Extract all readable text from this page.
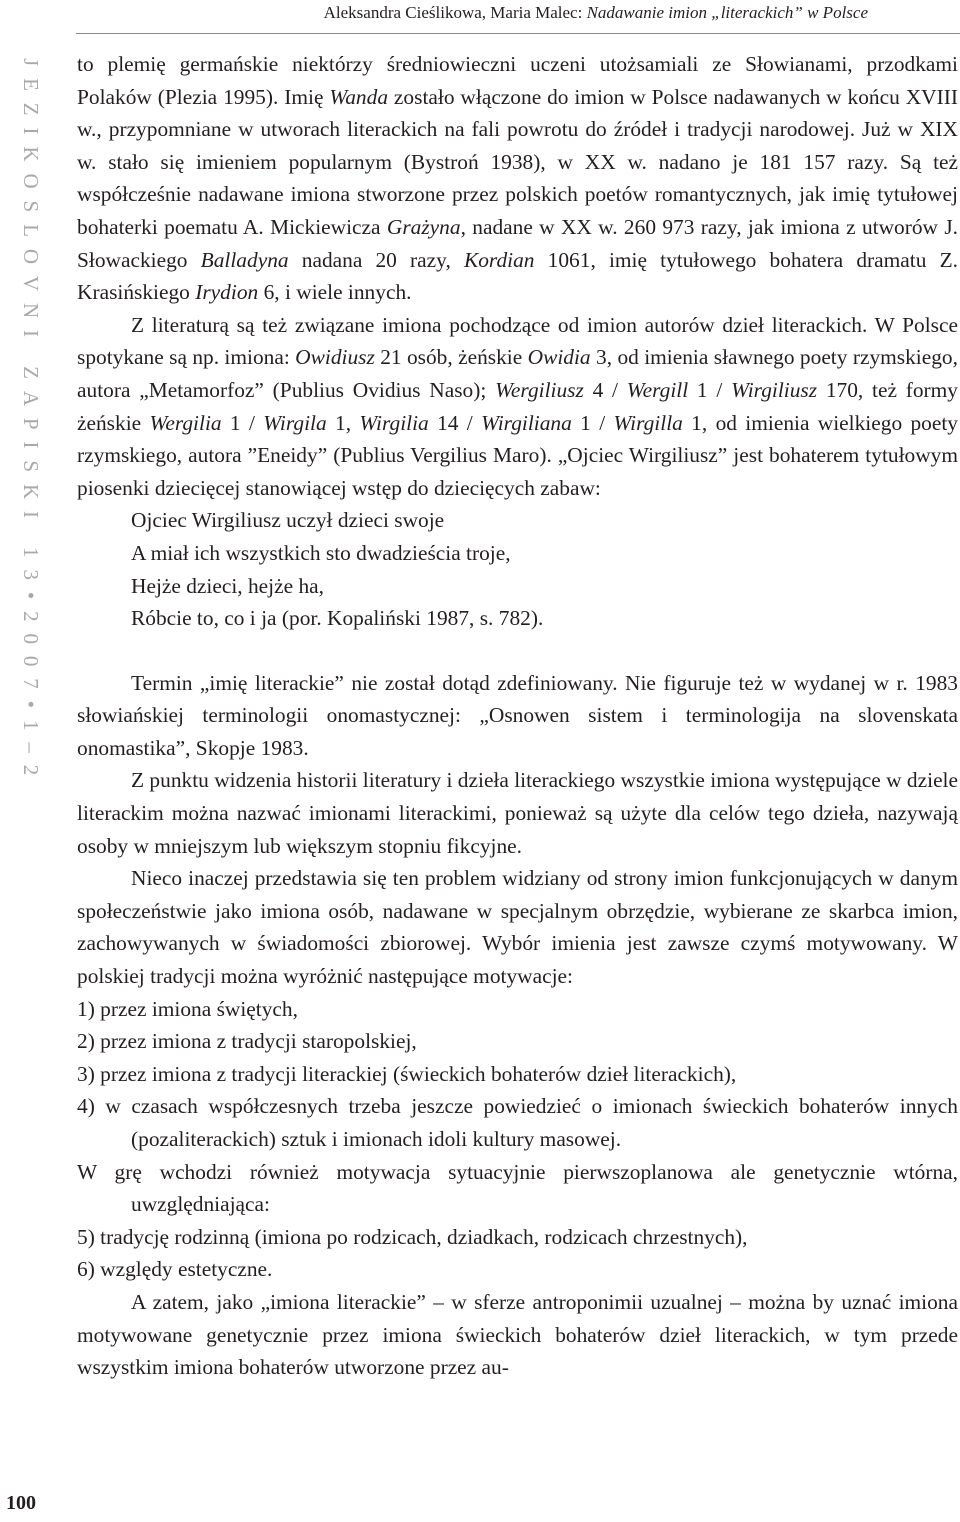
Aleksandra Cieślikowa, Maria Malec: Nadawanie imion „literackich” w Polsce
JEZIKOSLOVNI ZAPISKI 13•2007•1–2
100

to plemię germańskie niektórzy średniowieczni uczeni utożsamiali ze Słowianami, przodkami Polaków (Plezia 1995). Imię Wanda zostało włączone do imion w Polsce nadawanych w końcu XVIII w., przypomniane w utworach literackich na fali powrotu do źródeł i tradycji narodowej. Już w XIX w. stało się imieniem popularnym (Bystroń 1938), w XX w. nadano je 181 157 razy. Są też współcześnie nadawane imiona stworzone przez polskich poetów romantycznych, jak imię tytułowej bohaterki poematu A. Mickiewicza Grażyna, nadane w XX w. 260 973 razy, jak imiona z utworów J. Słowackiego Balladyna nadana 20 razy, Kordian 1061, imię tytułowego bohatera dramatu Z. Krasińskiego Irydion 6, i wiele innych.

Z literaturą są też związane imiona pochodzące od imion autorów dzieł literackich. W Polsce spotykane są np. imiona: Owidiusz 21 osób, żeńskie Owidia 3, od imienia sławnego poety rzymskiego, autora „Metamorfoz” (Publius Ovidius Naso); Wergiliusz 4 / Wergill 1 / Wirgiliusz 170, też formy żeńskie Wergilia 1 / Wirgila 1, Wirgilia 14 / Wirgiliana 1 / Wirgilla 1, od imienia wielkiego poety rzymskiego, autora ”Eneidy” (Publius Vergilius Maro). „Ojciec Wirgiliusz” jest bohaterem tytułowym piosenki dziecięcej stanowiącej wstęp do dziecięcych zabaw:

Ojciec Wirgiliusz uczył dzieci swoje

A miał ich wszystkich sto dwadzieścia troje,

Hejże dzieci, hejże ha,

Róbcie to, co i ja (por. Kopaliński 1987, s. 782).

Termin „imię literackie” nie został dotąd zdefiniowany. Nie figuruje też w wydanej w r. 1983 słowiańskiej terminologii onomastycznej: „Osnowen sistem i terminologija na slovenskata onomastika”, Skopje 1983.

Z punktu widzenia historii literatury i dzieła literackiego wszystkie imiona występujące w dziele literackim można nazwać imionami literackimi, ponieważ są użyte dla celów tego dzieła, nazywają osoby w mniejszym lub większym stopniu fikcyjne.

Nieco inaczej przedstawia się ten problem widziany od strony imion funkcjonujących w danym społeczeństwie jako imiona osób, nadawane w specjalnym obrzędzie, wybierane ze skarbca imion, zachowywanych w świadomości zbiorowej. Wybór imienia jest zawsze czymś motywowany. W polskiej tradycji można wyróżnić następujące motywacje:

1) przez imiona świętych,

2) przez imiona z tradycji staropolskiej,

3) przez imiona z tradycji literackiej (świeckich bohaterów dzieł literackich),

4) w czasach współczesnych trzeba jeszcze powiedzieć o imionach świeckich bohaterów innych (pozaliterackich) sztuk i imionach idoli kultury masowej.

W grę wchodzi również motywacja sytuacyjnie pierwszoplanowa ale genetycznie wtórna, uwzględniająca:

5) tradycję rodzinną (imiona po rodzicach, dziadkach, rodzicach chrzestnych),

6) względy estetyczne.

A zatem, jako „imiona literackie” – w sferze antroponimii uzualnej – można by uznać imiona motywowane genetycznie przez imiona świeckich bohaterów dzieł literackich, w tym przede wszystkim imiona bohaterów utworzone przez au-
